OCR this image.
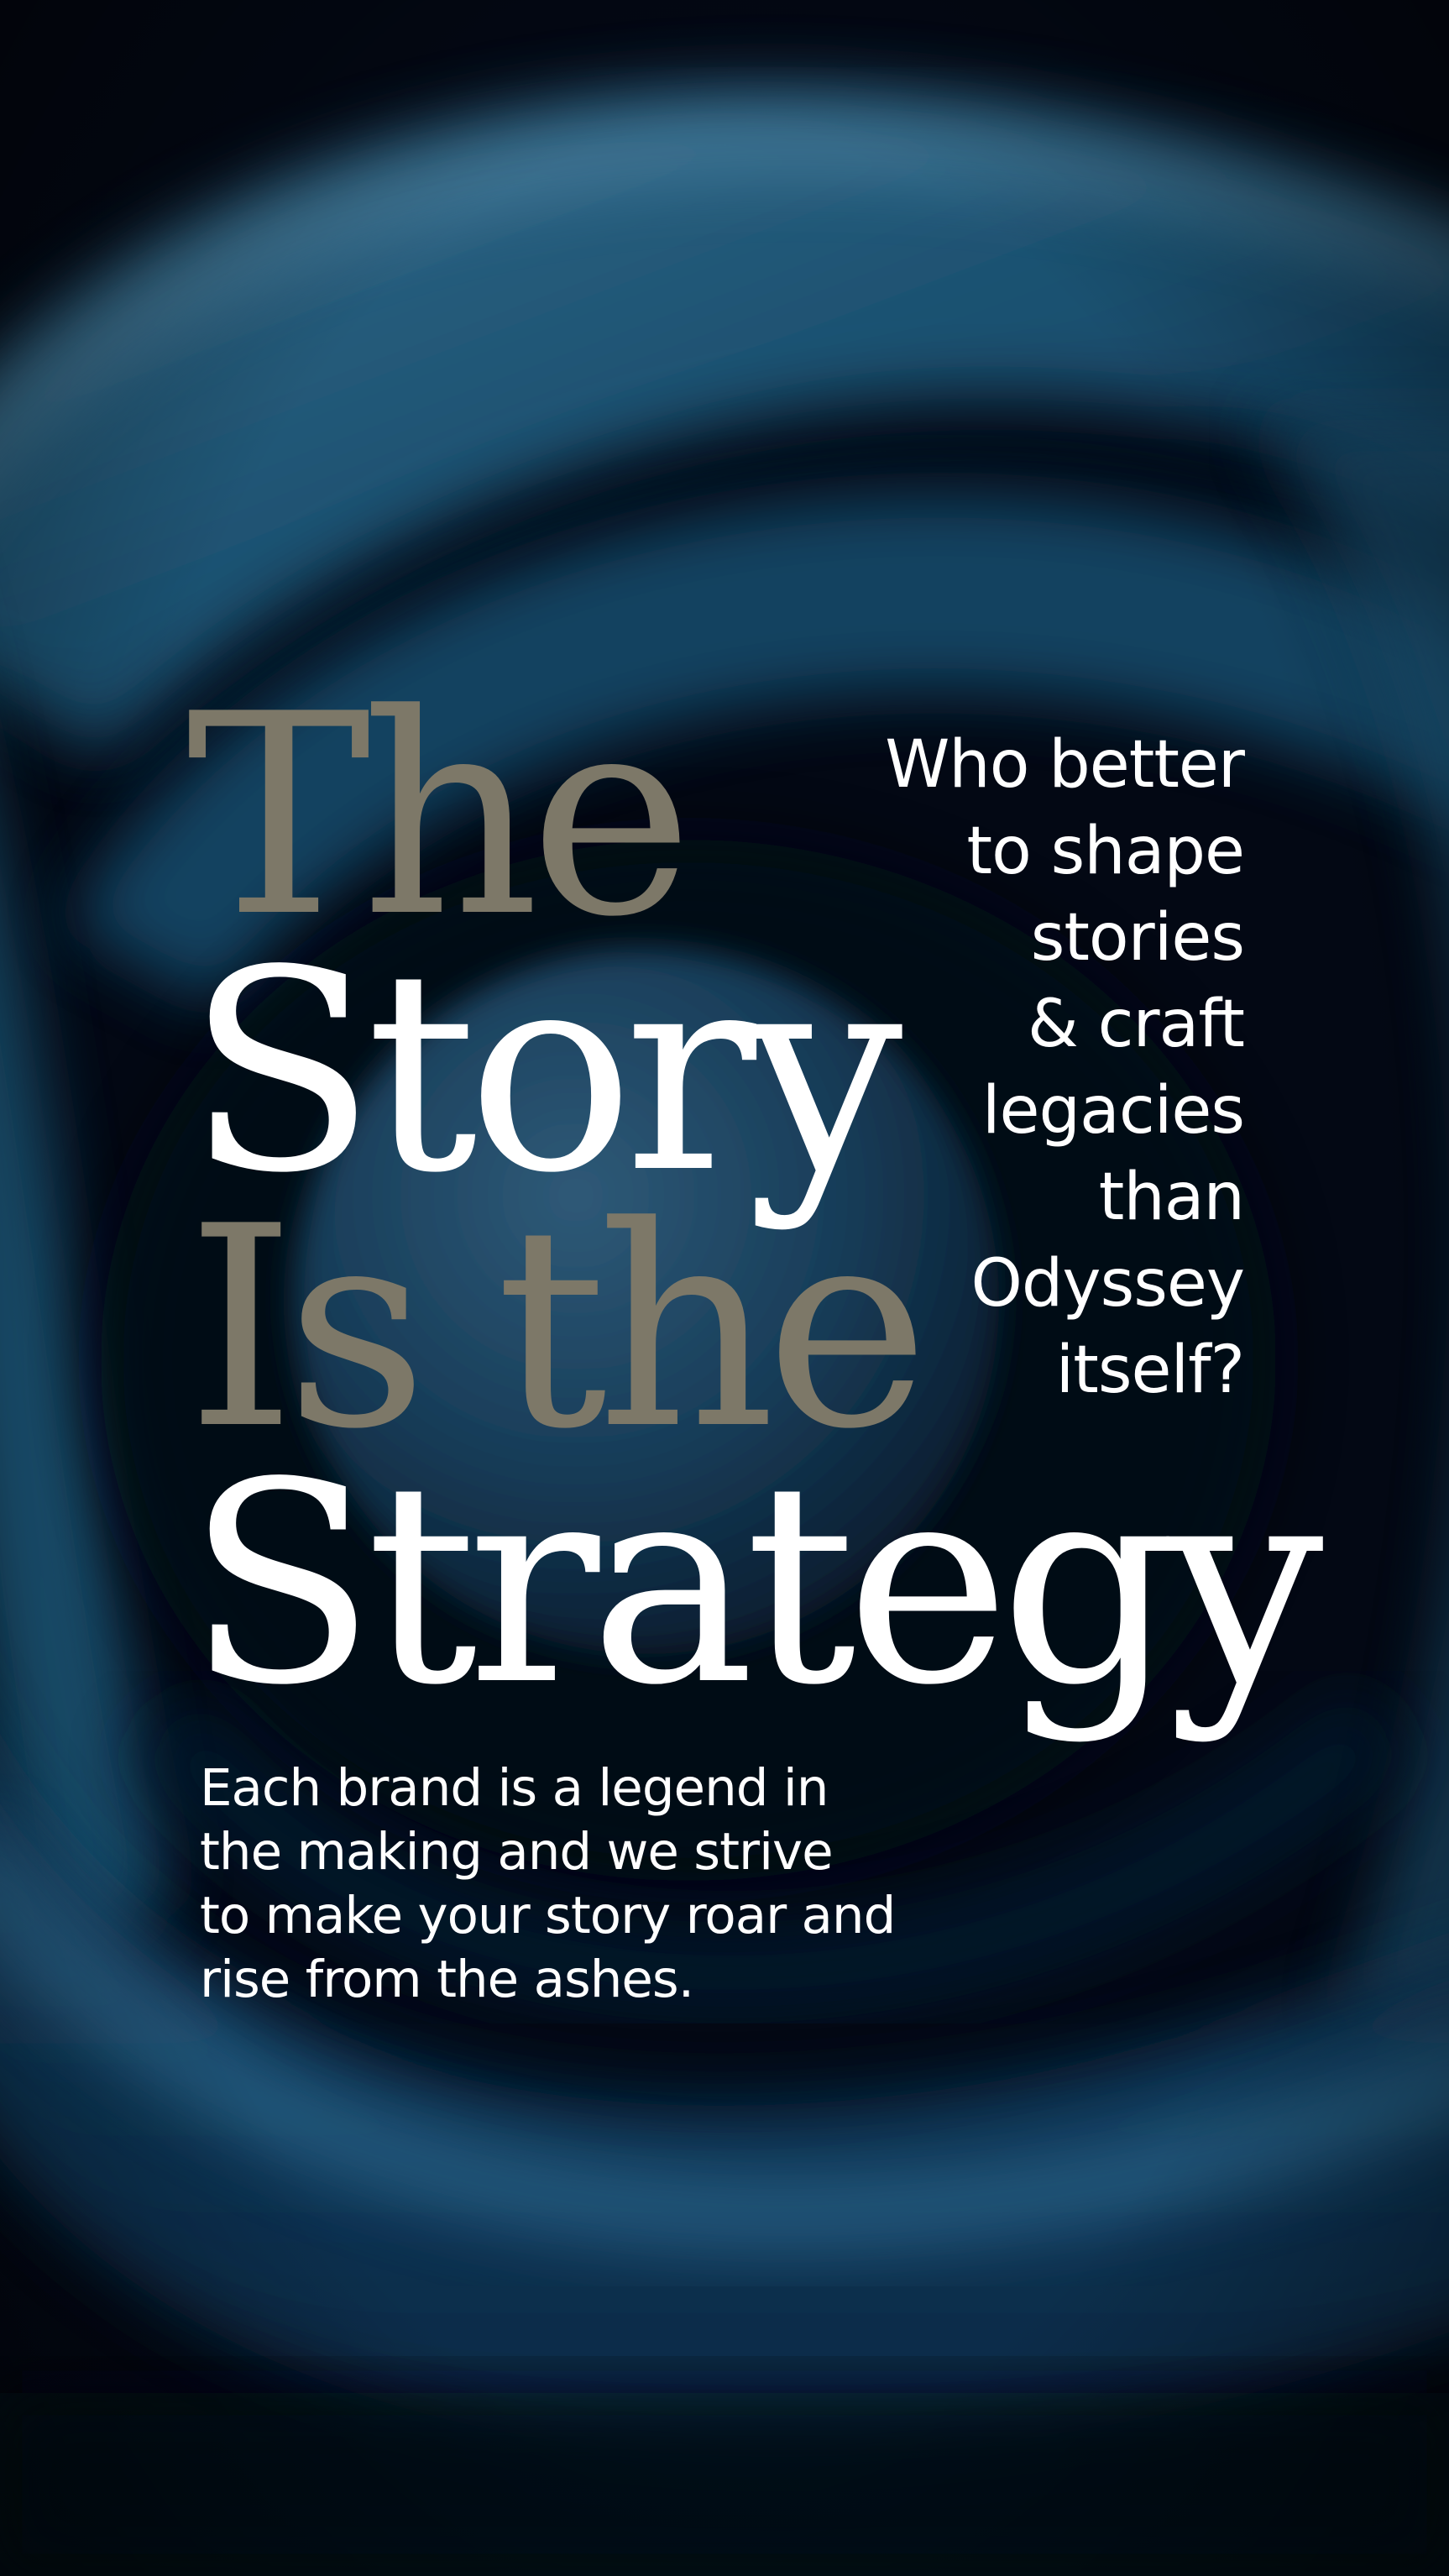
The
Story
Is the
Strategy
Who better
to shape
stories
& craft
legacies
than
Odyssey
itself?
Each brand is a legend in
the making and we strive
to make your story roar and
rise from the ashes.
